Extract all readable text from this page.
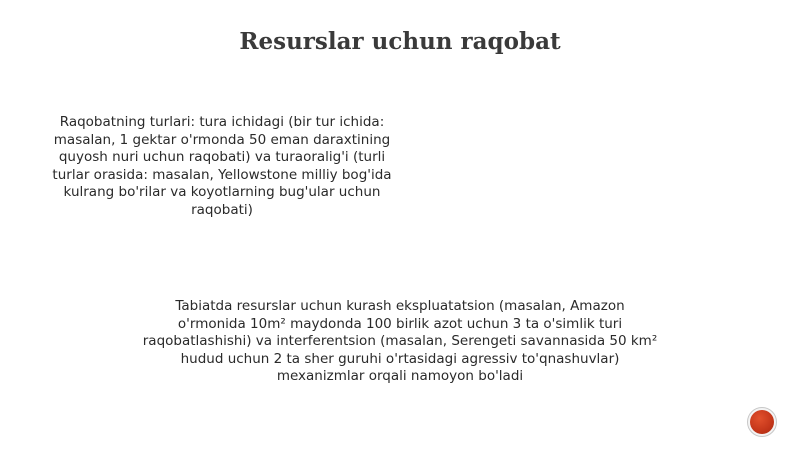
Resurslar uchun raqobat

Raqobatning turlari: tura ichidagi (bir tur ichida: masalan, 1 gektar o'rmonda 50 eman daraxtining quyosh nuri uchun raqobati) va turaoralig'i (turli turlar orasida: masalan, Yellowstone milliy bog'ida kulrang bo'rilar va koyotlarning bug'ular uchun raqobati)

Tabiatda resurslar uchun kurash ekspluatatsion (masalan, Amazon o'rmonida 10m² maydonda 100 birlik azot uchun 3 ta o'simlik turi raqobatlashishi) va interferentsion (masalan, Serengeti savannasida 50 km² hudud uchun 2 ta sher guruhi o'rtasidagi agressiv to'qnashuvlar) mexanizmlar orqali namoyon bo'ladi
